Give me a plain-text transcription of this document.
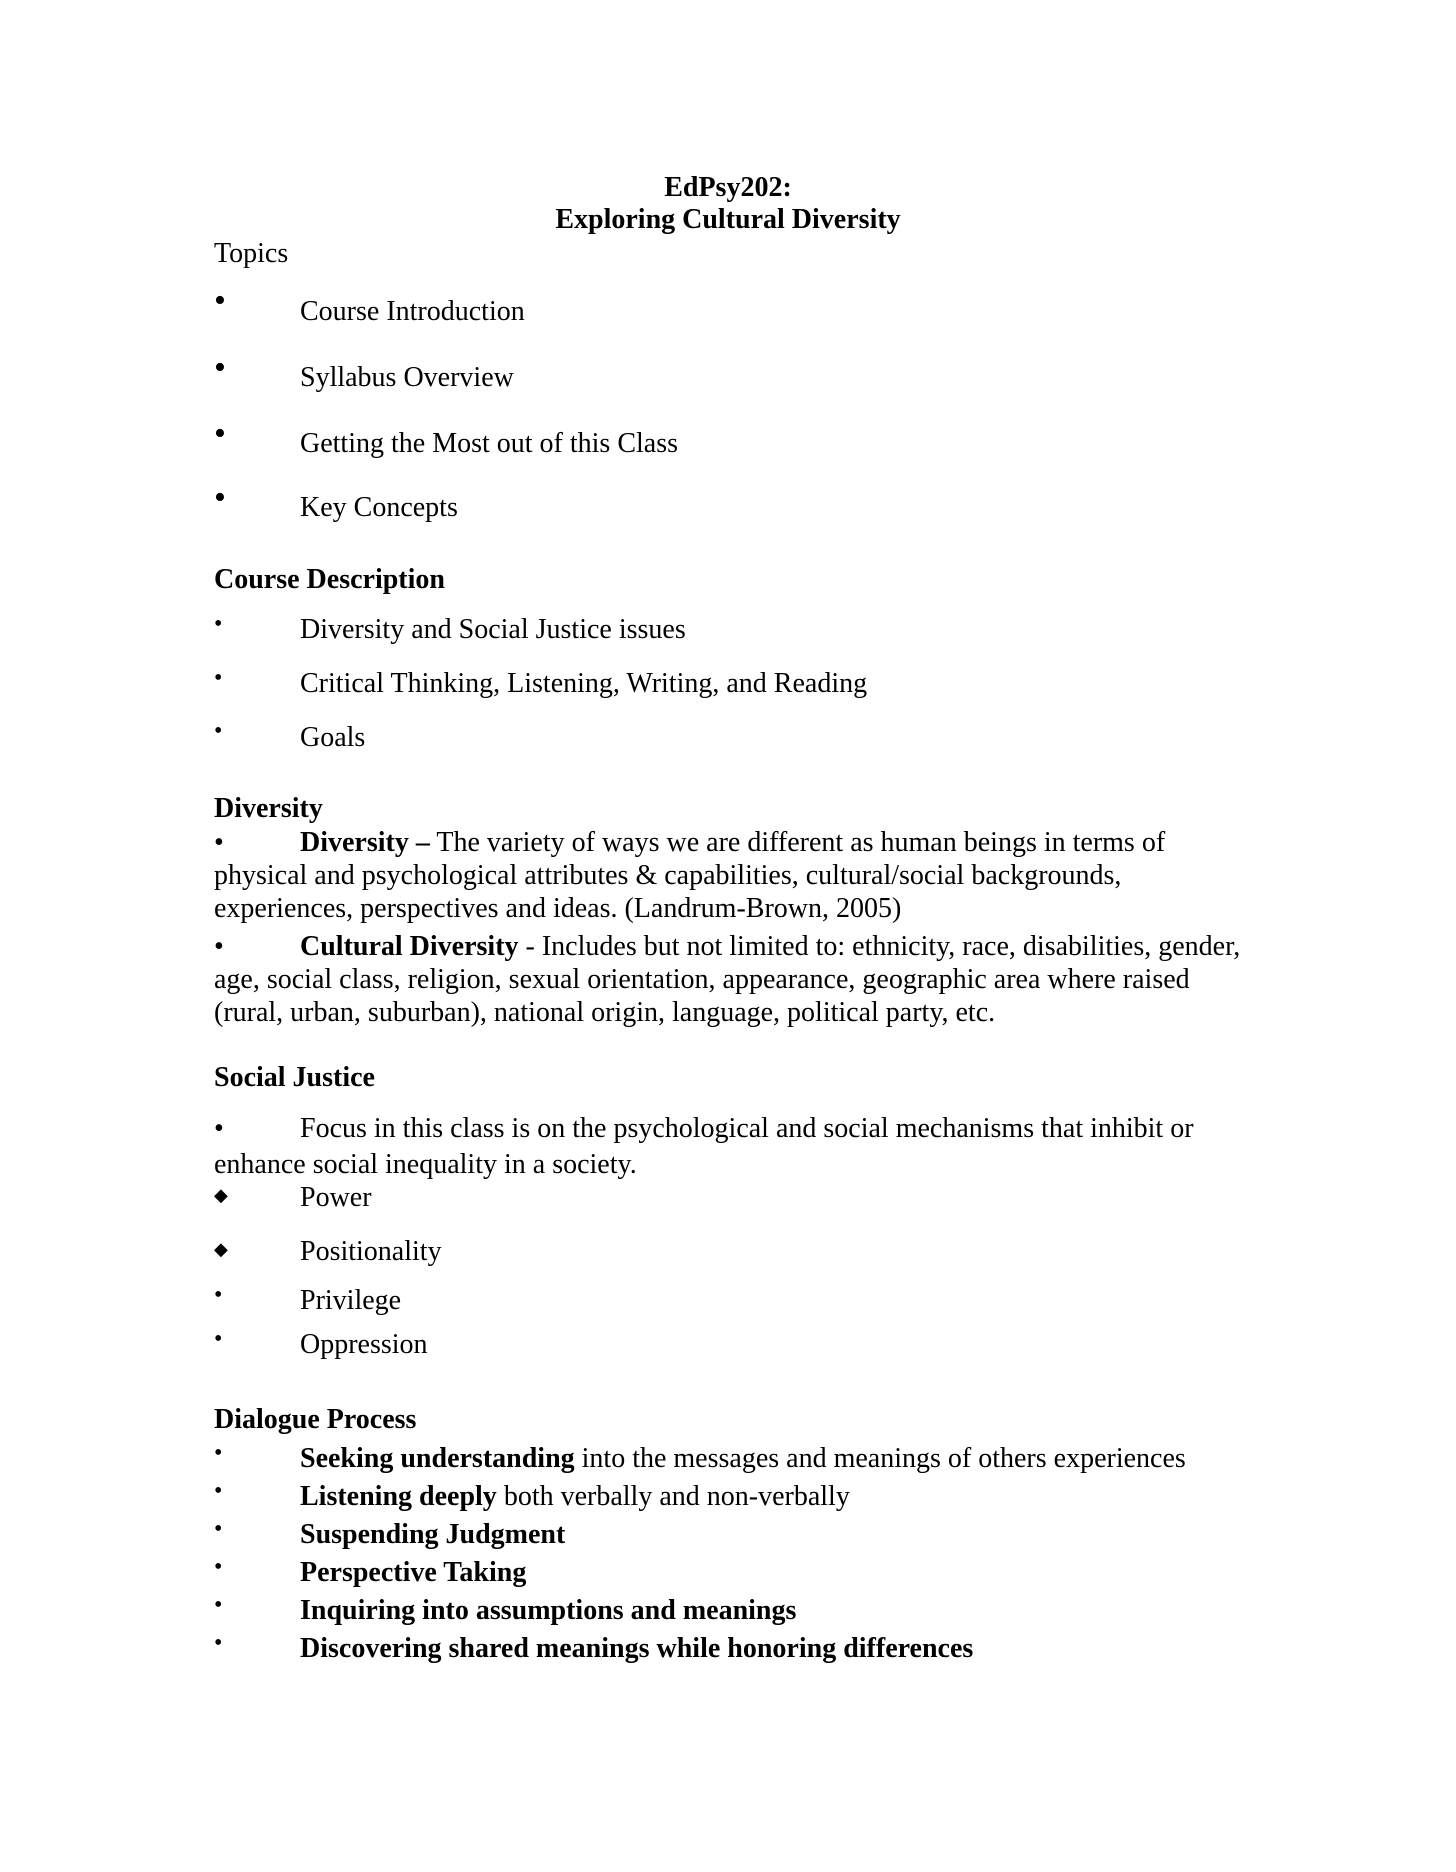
EdPsy202:
Exploring Cultural Diversity
Topics
•	Course Introduction
•	Syllabus Overview
•	Getting the Most out of this Class
•	Key Concepts
Course Description
•	Diversity and Social Justice issues
•	Critical Thinking, Listening, Writing, and Reading
•	Goals
Diversity
•	Diversity – The variety of ways we are different as human beings in terms of physical and psychological attributes & capabilities, cultural/social backgrounds, experiences, perspectives and ideas. (Landrum-Brown, 2005)
•	Cultural Diversity - Includes but not limited to: ethnicity, race, disabilities, gender, age, social class, religion, sexual orientation, appearance, geographic area where raised (rural, urban, suburban), national origin, language, political party, etc.
Social Justice
•	Focus in this class is on the psychological and social mechanisms that inhibit or enhance social inequality in a society.
◆	Power
◆	Positionality
•	Privilege
•	Oppression
Dialogue Process
•	Seeking understanding into the messages and meanings of others experiences
•	Listening deeply both verbally and non-verbally
•	Suspending Judgment
•	Perspective Taking
•	Inquiring into assumptions and meanings
•	Discovering shared meanings while honoring differences
